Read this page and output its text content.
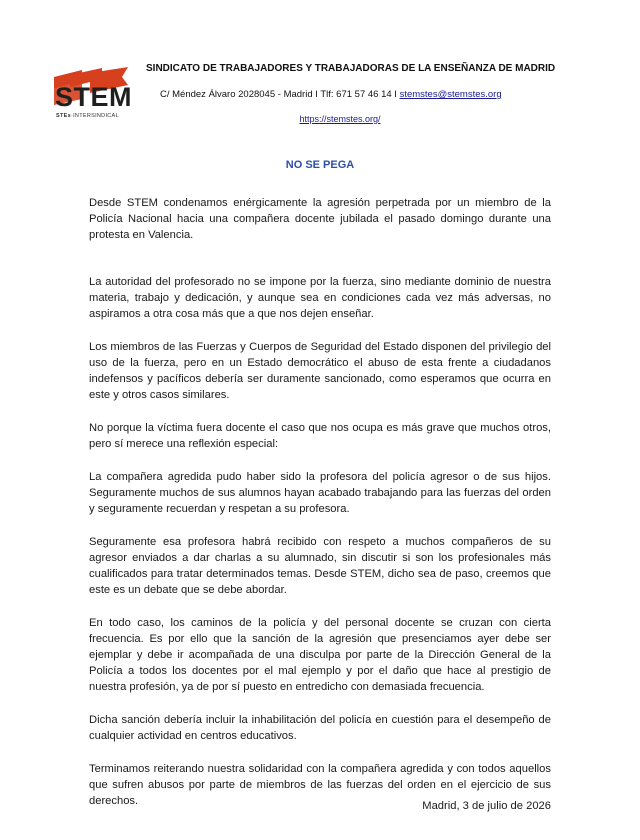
STEM
STEs·INTERSINDICAL
SINDICATO DE TRABAJADORES Y TRABAJADORAS DE LA ENSEÑANZA DE MADRID
C/ Méndez Álvaro 2028045 - Madrid I Tlf: 671 57 46 14 I stemstes@stemstes.org
https://stemstes.org/
NO SE PEGA

Desde STEM condenamos enérgicamente la agresión perpetrada por un miembro de la Policía Nacional hacia una compañera docente jubilada el pasado domingo durante una protesta en Valencia.

La autoridad del profesorado no se impone por la fuerza, sino mediante dominio de nuestra materia, trabajo y dedicación, y aunque sea en condiciones cada vez más adversas, no aspiramos a otra cosa más que a que nos dejen enseñar.

Los miembros de las Fuerzas y Cuerpos de Seguridad del Estado disponen del privilegio del uso de la fuerza, pero en un Estado democrático el abuso de esta frente a ciudadanos indefensos y pacíficos debería ser duramente sancionado, como esperamos que ocurra en este y otros casos similares.

No porque la víctima fuera docente el caso que nos ocupa es más grave que muchos otros, pero sí merece una reflexión especial:

La compañera agredida pudo haber sido la profesora del policía agresor o de sus hijos. Seguramente muchos de sus alumnos hayan acabado trabajando para las fuerzas del orden y seguramente recuerdan y respetan a su profesora.

Seguramente esa profesora habrá recibido con respeto a muchos compañeros de su agresor enviados a dar charlas a su alumnado, sin discutir si son los profesionales más cualificados para tratar determinados temas. Desde STEM, dicho sea de paso, creemos que este es un debate que se debe abordar.

En todo caso, los caminos de la policía y del personal docente se cruzan con cierta frecuencia. Es por ello que la sanción de la agresión que presenciamos ayer debe ser ejemplar y debe ir acompañada de una disculpa por parte de la Dirección General de la Policía a todos los docentes por el mal ejemplo y por el daño que hace al prestigio de nuestra profesión, ya de por sí puesto en entredicho con demasiada frecuencia.

Dicha sanción debería incluir la inhabilitación del policía en cuestión para el desempeño de cualquier actividad en centros educativos.

Terminamos reiterando nuestra solidaridad con la compañera agredida y con todos aquellos que sufren abusos por parte de miembros de las fuerzas del orden en el ejercicio de sus derechos.	Madrid, 3 de julio de 2026
